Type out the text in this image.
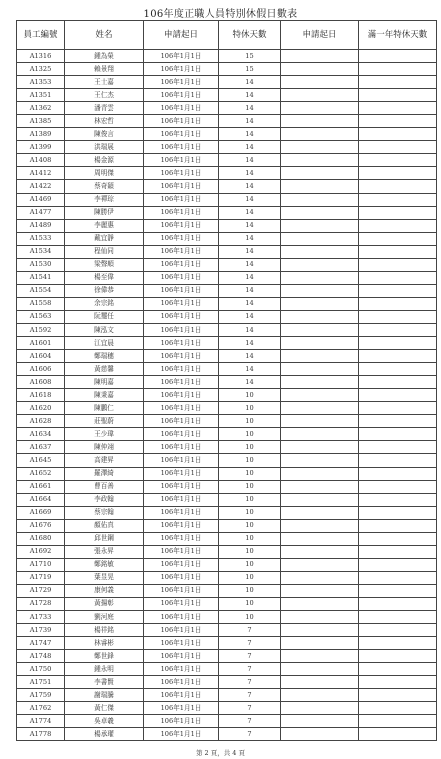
106年度正職人員特別休假日數表
員工編號	姓名	申請起日	特休天數	申請起日	滿一年特休天數
A1316	鍾為榮	106年1月1日	15		
A1325	賴景翔	106年1月1日	15		
A1353	王士嘉	106年1月1日	14		
A1351	王仁杰	106年1月1日	14		
A1362	潘青雲	106年1月1日	14		
A1385	林宏哲	106年1月1日	14		
A1389	陳俊言	106年1月1日	14		
A1399	洪瑞展	106年1月1日	14		
A1408	楊金源	106年1月1日	14		
A1412	周明傑	106年1月1日	14		
A1422	蔡奇穎	106年1月1日	14		
A1469	李禪琮	106年1月1日	14		
A1477	陳勝伊	106年1月1日	14		
A1489	李麗惠	106年1月1日	14		
A1533	戴宜靜	106年1月1日	14		
A1534	程仙同	106年1月1日	14		
A1530	梁聲順	106年1月1日	14		
A1541	楊至偉	106年1月1日	14		
A1554	徐偉恭	106年1月1日	14		
A1558	余宗銘	106年1月1日	14		
A1563	阮璽任	106年1月1日	14		
A1592	陳泓文	106年1月1日	14		
A1601	江宜晨	106年1月1日	14		
A1604	鄭瑞穗	106年1月1日	14		
A1606	黃慈馨	106年1月1日	14		
A1608	陳明嘉	106年1月1日	14		
A1618	陳秉嘉	106年1月1日	10		
A1620	陳鵬仁	106年1月1日	10		
A1628	莊聖蔚	106年1月1日	10		
A1634	王少瑋	106年1月1日	10		
A1637	陳仲翊	106年1月1日	10		
A1645	高建昇	106年1月1日	10		
A1652	羅澤綺	106年1月1日	10		
A1661	曹百善	106年1月1日	10		
A1664	李政翰	106年1月1日	10		
A1669	蔡宗翰	106年1月1日	10		
A1676	顏佑真	106年1月1日	10		
A1680	邱世鋼	106年1月1日	10		
A1692	張永昇	106年1月1日	10		
A1710	鄭銘敏	106年1月1日	10		
A1719	葉昱晃	106年1月1日	10		
A1729	康何義	106年1月1日	10		
A1728	黃揚彰	106年1月1日	10		
A1733	劉河庭	106年1月1日	10		
A1739	楊祥銘	106年1月1日	7		
A1747	林睿彬	106年1月1日	7		
A1748	鄭世鋒	106年1月1日	7		
A1750	鍾永明	106年1月1日	7		
A1751	李書賢	106年1月1日	7		
A1759	謝瑞騰	106年1月1日	7		
A1762	黃仁傑	106年1月1日	7		
A1774	吳卓羲	106年1月1日	7		
A1778	楊承瓘	106年1月1日	7		
第 2 頁，共 4 頁
